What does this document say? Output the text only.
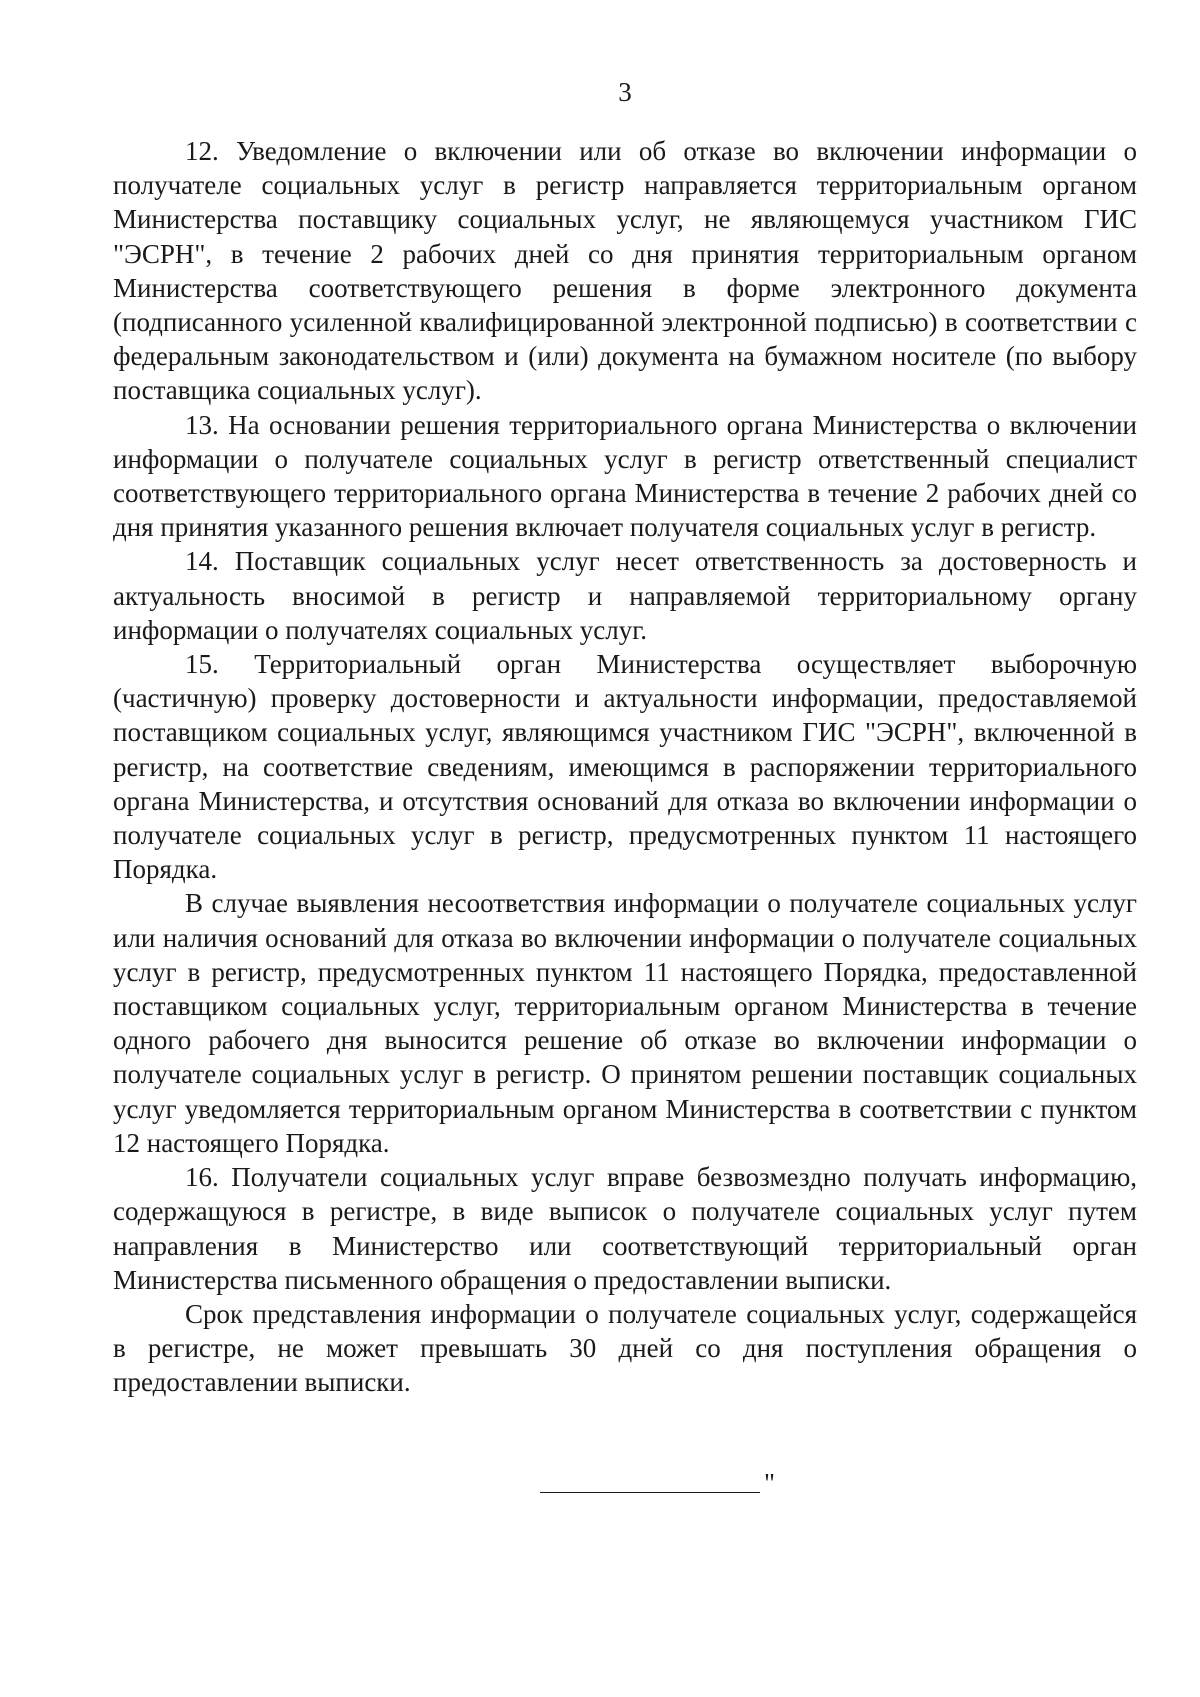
3

12. Уведомление о включении или об отказе во включении информации о получателе социальных услуг в регистр направляется территориальным органом Министерства поставщику социальных услуг, не являющемуся участником ГИС "ЭСРН", в течение 2 рабочих дней со дня принятия территориальным органом Министерства соответствующего решения в форме электронного документа (подписанного усиленной квалифицированной электронной подписью) в соответствии с федеральным законодательством и (или) документа на бумажном носителе (по выбору поставщика социальных услуг).

13. На основании решения территориального органа Министерства о включении информации о получателе социальных услуг в регистр ответственный специалист соответствующего территориального органа Министерства в течение 2 рабочих дней со дня принятия указанного решения включает получателя социальных услуг в регистр.

14. Поставщик социальных услуг несет ответственность за достоверность и актуальность вносимой в регистр и направляемой территориальному органу информации о получателях социальных услуг.

15. Территориальный орган Министерства осуществляет выборочную (частичную) проверку достоверности и актуальности информации, предоставляемой поставщиком социальных услуг, являющимся участником ГИС "ЭСРН", включенной в регистр, на соответствие сведениям, имеющимся в распоряжении территориального органа Министерства, и отсутствия оснований для отказа во включении информации о получателе социальных услуг в регистр, предусмотренных пунктом 11 настоящего Порядка.

В случае выявления несоответствия информации о получателе социальных услуг или наличия оснований для отказа во включении информации о получателе социальных услуг в регистр, предусмотренных пунктом 11 настоящего Порядка, предоставленной поставщиком социальных услуг, территориальным органом Министерства в течение одного рабочего дня выносится решение об отказе во включении информации о получателе социальных услуг в регистр. О принятом решении поставщик социальных услуг уведомляется территориальным органом Министерства в соответствии с пунктом 12 настоящего Порядка.

16. Получатели социальных услуг вправе безвозмездно получать информацию, содержащуюся в регистре, в виде выписок о получателе социальных услуг путем направления в Министерство или соответствующий территориальный орган Министерства письменного обращения о предоставлении выписки.

Срок представления информации о получателе социальных услуг, содержащейся в регистре, не может превышать 30 дней со дня поступления обращения о предоставлении выписки.

"
